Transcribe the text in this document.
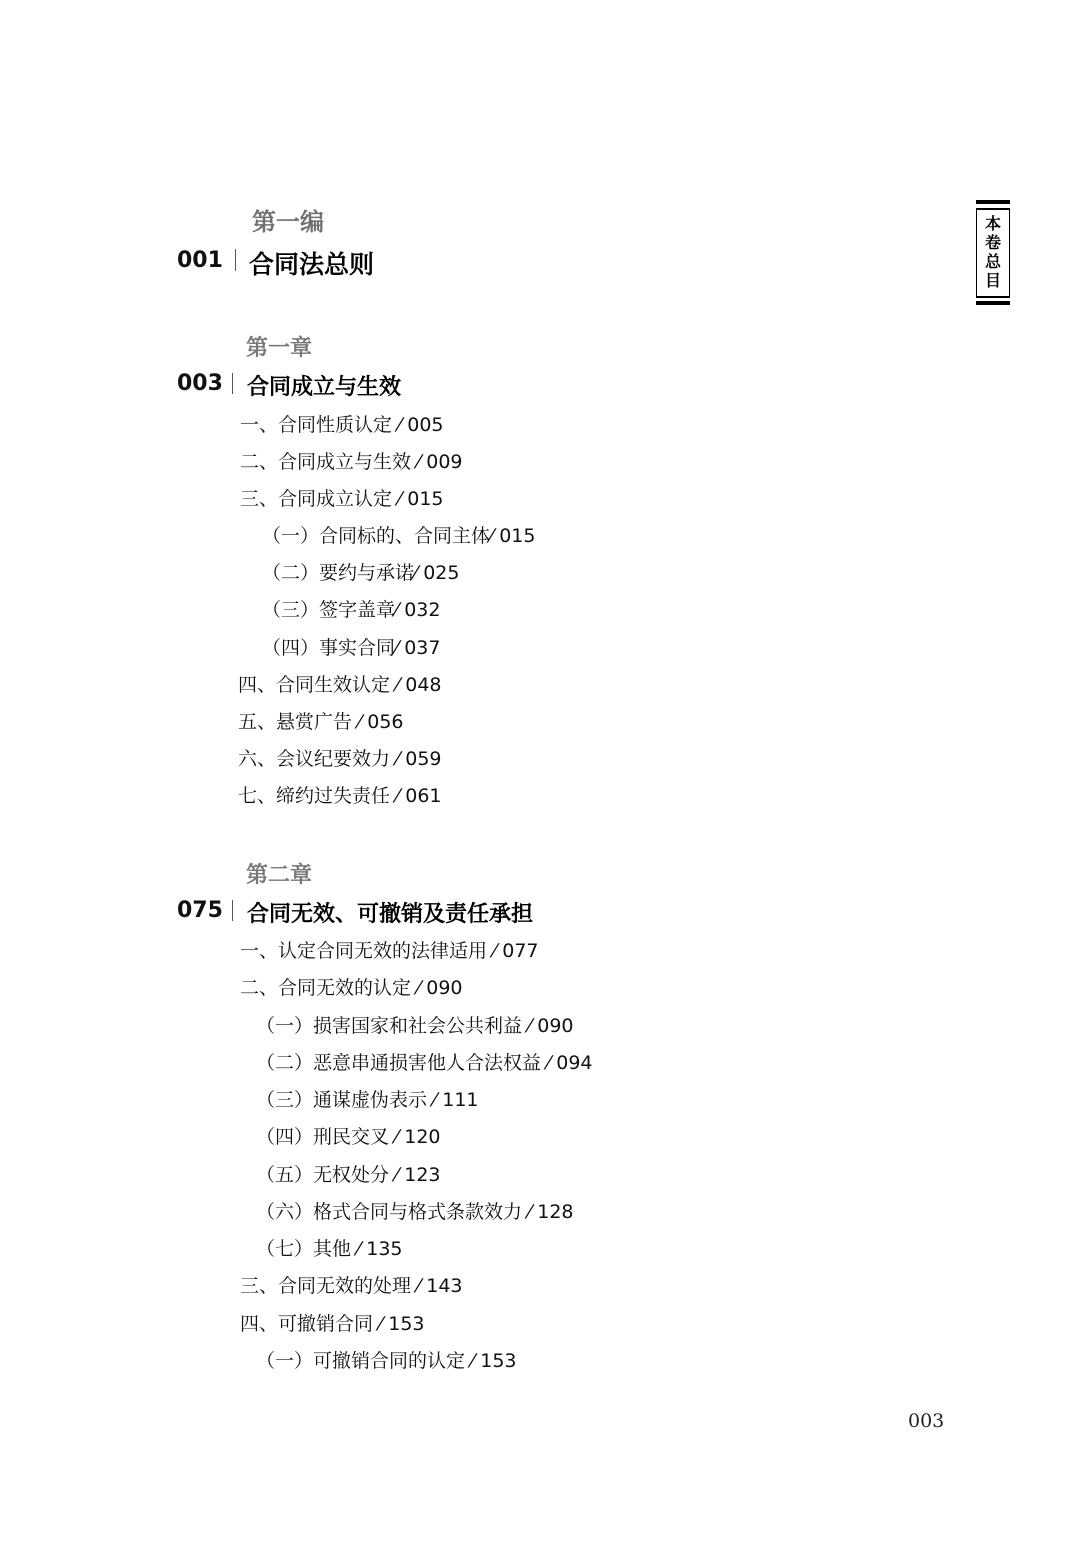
本
卷
总
目
第一编
001 合同法总则
第一章
003 合同成立与生效
一、合同性质认定 ⁄ 005
二、合同成立与生效 ⁄ 009
三、合同成立认定 ⁄ 015
（一）合同标的、合同主体⁄ 015
（二）要约与承诺⁄ 025
（三）签字盖章⁄ 032
（四）事实合同⁄ 037
四、合同生效认定 ⁄ 048
五、悬赏广告 ⁄ 056
六、会议纪要效力 ⁄ 059
七、缔约过失责任 ⁄ 061
第二章
075 合同无效、可撤销及责任承担
一、认定合同无效的法律适用 ⁄ 077
二、合同无效的认定 ⁄ 090
（一）损害国家和社会公共利益 ⁄ 090
（二）恶意串通损害他人合法权益 ⁄ 094
（三）通谋虚伪表示 ⁄ 111
（四）刑民交叉 ⁄ 120
（五）无权处分 ⁄ 123
（六）格式合同与格式条款效力 ⁄ 128
（七）其他 ⁄ 135
三、合同无效的处理 ⁄ 143
四、可撤销合同 ⁄ 153
（一）可撤销合同的认定 ⁄ 153
003
